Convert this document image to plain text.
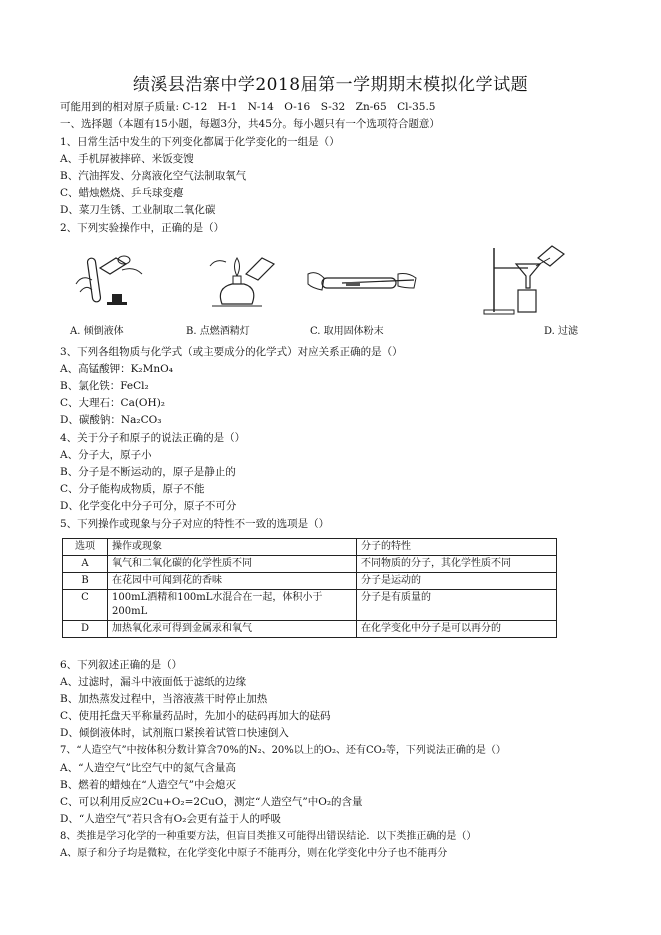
绩溪县浩寨中学2018届第一学期期末模拟化学试题
可能用到的相对原子质量: C-12　H-1　N-14　O-16　S-32　Zn-65　Cl-35.5
一、选择题（本题有15小题，每题3分，共45分。每小题只有一个选项符合题意）
1、日常生活中发生的下列变化都属于化学变化的一组是（）
A、手机屏被摔碎、米饭变馊
B、汽油挥发、分离液化空气法制取氧气
C、蜡烛燃烧、乒乓球变瘪
D、菜刀生锈、工业制取二氧化碳
2、下列实验操作中，正确的是（）
A. 倾倒液体	B. 点燃酒精灯	C. 取用固体粉末	D. 过滤
3、下列各组物质与化学式（或主要成分的化学式）对应关系正确的是（）
A、高锰酸钾：K₂MnO₄
B、氯化铁：FeCl₂
C、大理石：Ca(OH)₂
D、碳酸钠：Na₂CO₃
4、关于分子和原子的说法正确的是（）
A、分子大，原子小
B、分子是不断运动的，原子是静止的
C、分子能构成物质，原子不能
D、化学变化中分子可分，原子不可分
5、下列操作或现象与分子对应的特性不一致的选项是（）
选项	操作或现象	分子的特性
A	氧气和二氧化碳的化学性质不同	不同物质的分子，其化学性质不同
B	在花园中可闻到花的香味	分子是运动的
C	100mL酒精和100mL水混合在一起，体积小于200mL	分子是有质量的
D	加热氧化汞可得到金属汞和氧气	在化学变化中分子是可以再分的
6、下列叙述正确的是（）
A、过滤时，漏斗中液面低于滤纸的边缘
B、加热蒸发过程中，当溶液蒸干时停止加热
C、使用托盘天平称量药品时，先加小的砝码再加大的砝码
D、倾倒液体时，试剂瓶口紧挨着试管口快速倒入
7、“人造空气”中按体积分数计算含70%的N₂、20%以上的O₂、还有CO₂等，下列说法正确的是（）
A、“人造空气”比空气中的氮气含量高
B、燃着的蜡烛在“人造空气”中会熄灭
C、可以利用反应2Cu+O₂=2CuO，测定“人造空气”中O₂的含量
D、“人造空气”若只含有O₂会更有益于人的呼吸
8、类推是学习化学的一种重要方法，但盲目类推又可能得出错误结论．以下类推正确的是（）
A、原子和分子均是微粒，在化学变化中原子不能再分，则在化学变化中分子也不能再分
